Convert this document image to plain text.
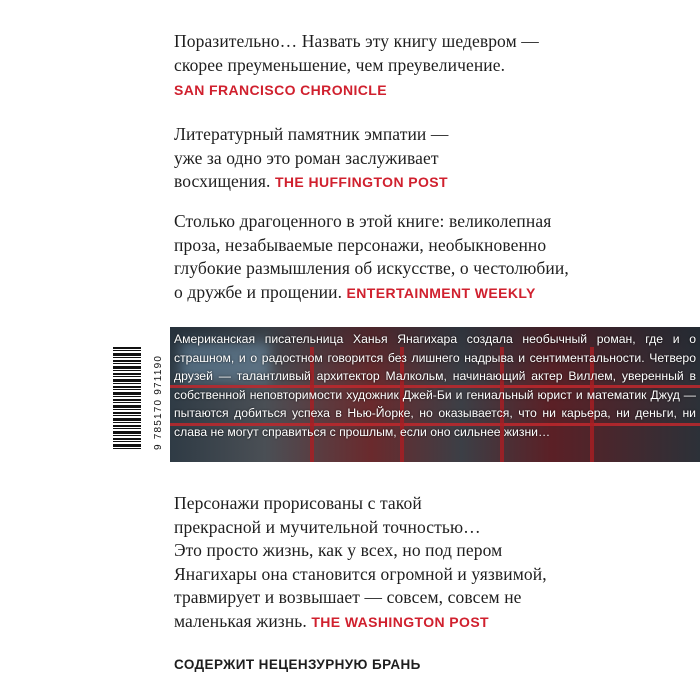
Поразительно… Назвать эту книгу шедевром —
скорее преуменьшение, чем преувеличение.
SAN FRANCISCO CHRONICLE
Литературный памятник эмпатии —
уже за одно это роман заслуживает
восхищения. THE HUFFINGTON POST
Столько драгоценного в этой книге: великолепная
проза, незабываемые персонажи, необыкновенно
глубокие размышления об искусстве, о честолюбии,
о дружбе и прощении. ENTERTAINMENT WEEKLY
9 785170 971190
Американская писательница Ханья Янагихара создала необычный роман, где и о страшном, и о радостном говорится без лишнего надрыва и сентиментальности. Четверо друзей — талантливый архитектор Малкольм, начинающий актер Виллем, уверенный в собственной неповторимости художник Джей-Би и гениальный юрист и математик Джуд — пытаются добиться успеха в Нью-Йорке, но оказывается, что ни карьера, ни деньги, ни слава не могут справиться с прошлым, если оно сильнее жизни…
Персонажи прорисованы с такой
прекрасной и мучительной точностью…
Это просто жизнь, как у всех, но под пером
Янагихары она становится огромной и уязвимой,
травмирует и возвышает — совсем, совсем не
маленькая жизнь. THE WASHINGTON POST
СОДЕРЖИТ НЕЦЕНЗУРНУЮ БРАНЬ
